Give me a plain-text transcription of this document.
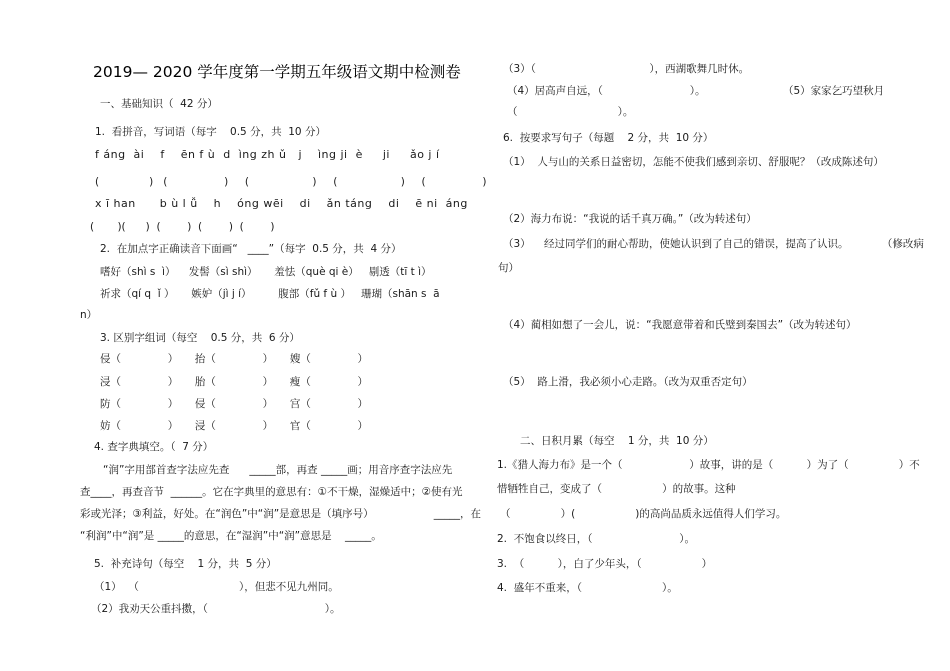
2019— 2020 学年度第一学期五年级语文期中检测卷
一、基础知识（  42 分）
1.  看拼音，写词语（每字    0.5 分，共  10 分）
f áng  ài    f    ēn f ù  d  ìng zh ǔ   j    ìng ji  è     ji     ǎo j í
(               )   (                 )     (                   )     (                   )     (                 )
x ī han      b ù l ǚ    h    óng wēi    di    ǎn táng    di    ē ni  áng
(       )(      )  (        )  (        )  (        )
2.  在加点字正确读音下面画“   ____”（每字  0.5 分，共  4 分）
嗜好（shì s  ì）    发髻（sì shì）     羞怯（què qi è）   剔透（tī t ì）
祈求（qí q  ǐ ）     嫉妒（jì j í）        腹部（fǔ f ù ）   珊瑚（shān s  ā
n）
3. 区别字组词（每空    0.5 分，共  6 分）
侵（              ）     抬（              ）     嫂（              ）
浸（              ）     胎（              ）     瘦（              ）
防（              ）     侵（              ）     宫（              ）
妨（              ）     浸（              ）     官（              ）
4. 查字典填空。（  7 分）
“润”字用部首查字法应先查      _____部，再查 _____画；用音序查字法应先
查____，再查音节  ______。它在字典里的意思有：①不干燥，湿燥适中；②使有光
彩或光泽；③利益，好处。在“润色”中“润”是意思是（填序号）                  _____，在
“利润”中“润”是 _____的意思，在“湿润”中“润”意思是    _____。
5.  补充诗句（每空    1 分，共  5 分）
（1）  （                              ），但悲不见九州同。
（2）我劝天公重抖擞，（                                   ）。
（3）（                                  ），西湖歌舞几时休。
（4）居高声自远，（                          ）。	（5）家家乞巧望秋月
（                              ）。
6.  按要求写句子（每题    2 分，共  10 分）
（1）  人与山的关系日益密切，怎能不使我们感到亲切、舒服呢？（改成陈述句）
（2）海力布说：“我说的话千真万确。”（改为转述句）
（3）    经过同学们的耐心帮助，使她认识到了自己的错误，提高了认识。          （修改病
句）
（4）蔺相如想了一会儿，说：“我愿意带着和氏璧到秦国去”（改为转述句）
（5）  路上滑，我必须小心走路。（改为双重否定句）
二、日积月累（每空    1 分，共  10 分）
1.《猎人海力布》是一个（                    ）故事，讲的是（          ）为了（               ）不
惜牺牲自己，变成了（                  ）的故事。这种
（               ）(                  )的高尚品质永远值得人们学习。
2.  不饱食以终日，（                          ）。
3.  （          ），白了少年头，（                  ）
4.  盛年不重来，（                        ）。
